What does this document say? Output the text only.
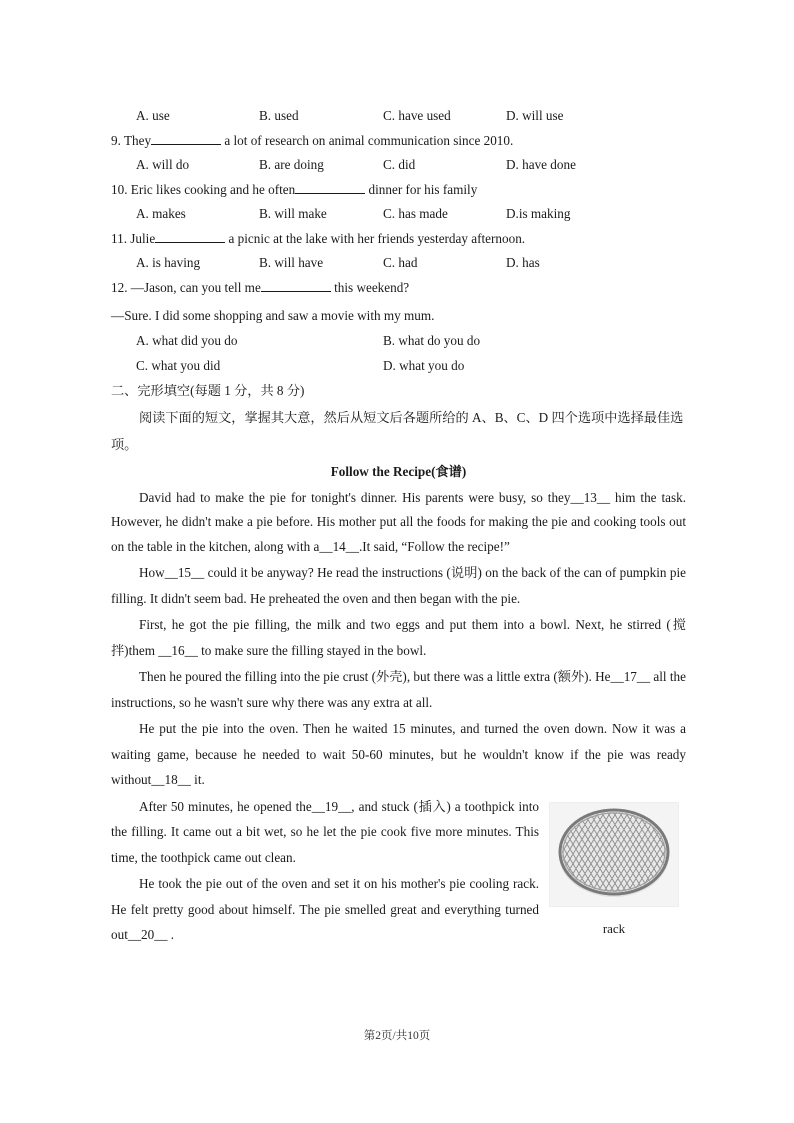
A. use	B. used	C. have used	D. will use
9. They	a lot of research on animal communication since 2010.
A. will do	B. are doing	C. did	D. have done
10. Eric likes cooking and he often	dinner for his family
A. makes	B. will make	C. has made	D.is making
11. Julie	a picnic at the lake with her friends yesterday afternoon.
A. is having	B. will have	C. had	D. has
12. —Jason, can you tell me	this weekend?
—Sure. I did some shopping and saw a movie with my mum.
A. what did you do	B. what do you do
C. what you did	D. what you do
二、完形填空(每题 1 分，共 8 分)
阅读下面的短文，掌握其大意，然后从短文后各题所给的 A、B、C、D 四个选项中选择最佳选项。
Follow the Recipe(食谱)

David had to make the pie for tonight's dinner. His parents were busy, so they__13__ him the task. However, he didn't make a pie before. His mother put all the foods for making the pie and cooking tools out on the table in the kitchen, along with a__14__.It said, “Follow the recipe!”

How__15__ could it be anyway? He read the instructions (说明) on the back of the can of pumpkin pie filling. It didn't seem bad. He preheated the oven and then began with the pie.

First, he got the pie filling, the milk and two eggs and put them into a bowl. Next, he stirred (搅拌)them __16__ to make sure the filling stayed in the bowl.

Then he poured the filling into the pie crust (外壳), but there was a little extra (额外). He__17__ all the instructions, so he wasn't sure why there was any extra at all.

He put the pie into the oven. Then he waited 15 minutes, and turned the oven down. Now it was a waiting game, because he needed to wait 50-60 minutes, but he wouldn't know if the pie was ready without__18__ it.

After 50 minutes, he opened the__19__, and stuck (插入) a toothpick into the filling. It came out a bit wet, so he let the pie cook five more minutes. This time, the toothpick came out clean.

He took the pie out of the oven and set it on his mother's pie cooling rack. He felt pretty good about himself. The pie smelled great and everything turned out__20__ .	rack
第2页/共10页
